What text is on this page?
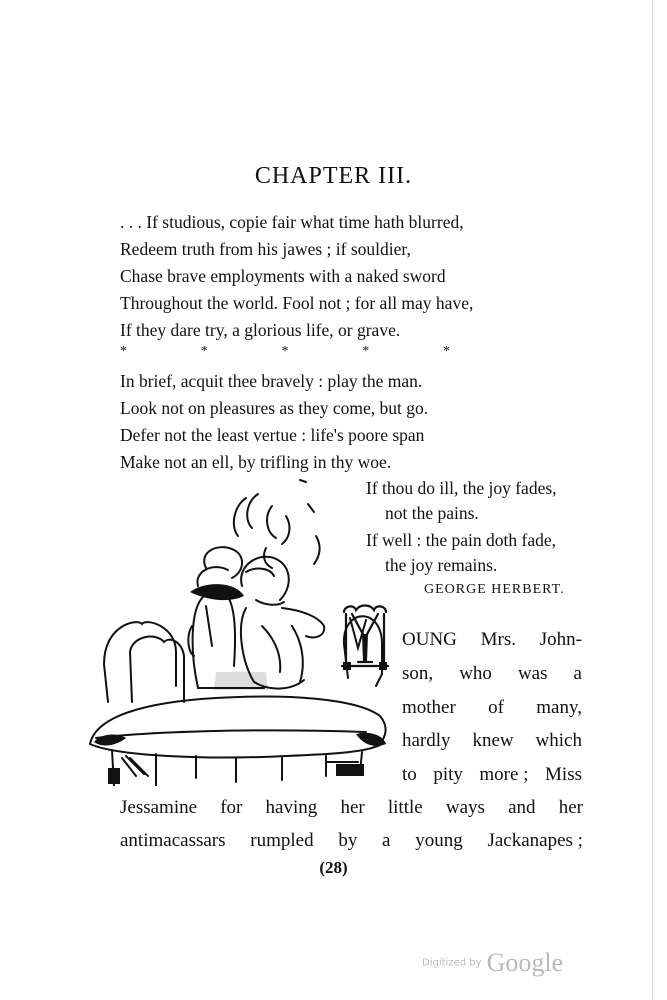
CHAPTER III.

. . . If studious, copie fair what time hath blurred,

Redeem truth from his jawes ; if souldier,

Chase brave employments with a naked sword

Throughout the world. Fool not ; for all may have,

If they dare try, a glorious life, or grave.

*	*	*	*	*

In brief, acquit thee bravely : play the man.

Look not on pleasures as they come, but go.

Defer not the least vertue : life's poore span

Make not an ell, by trifling in thy woe.

If thou do ill, the joy fades,

not the pains.

If well : the pain doth fade,

the joy remains.

GEORGE HERBERT.
OUNG Mrs. John-
son, who was a
mother of many,
hardly knew which
to pity more ; Miss
Jessamine for having her little ways and her
antimacassars rumpled by a young Jackanapes ;
(28)
Digitized by Google
